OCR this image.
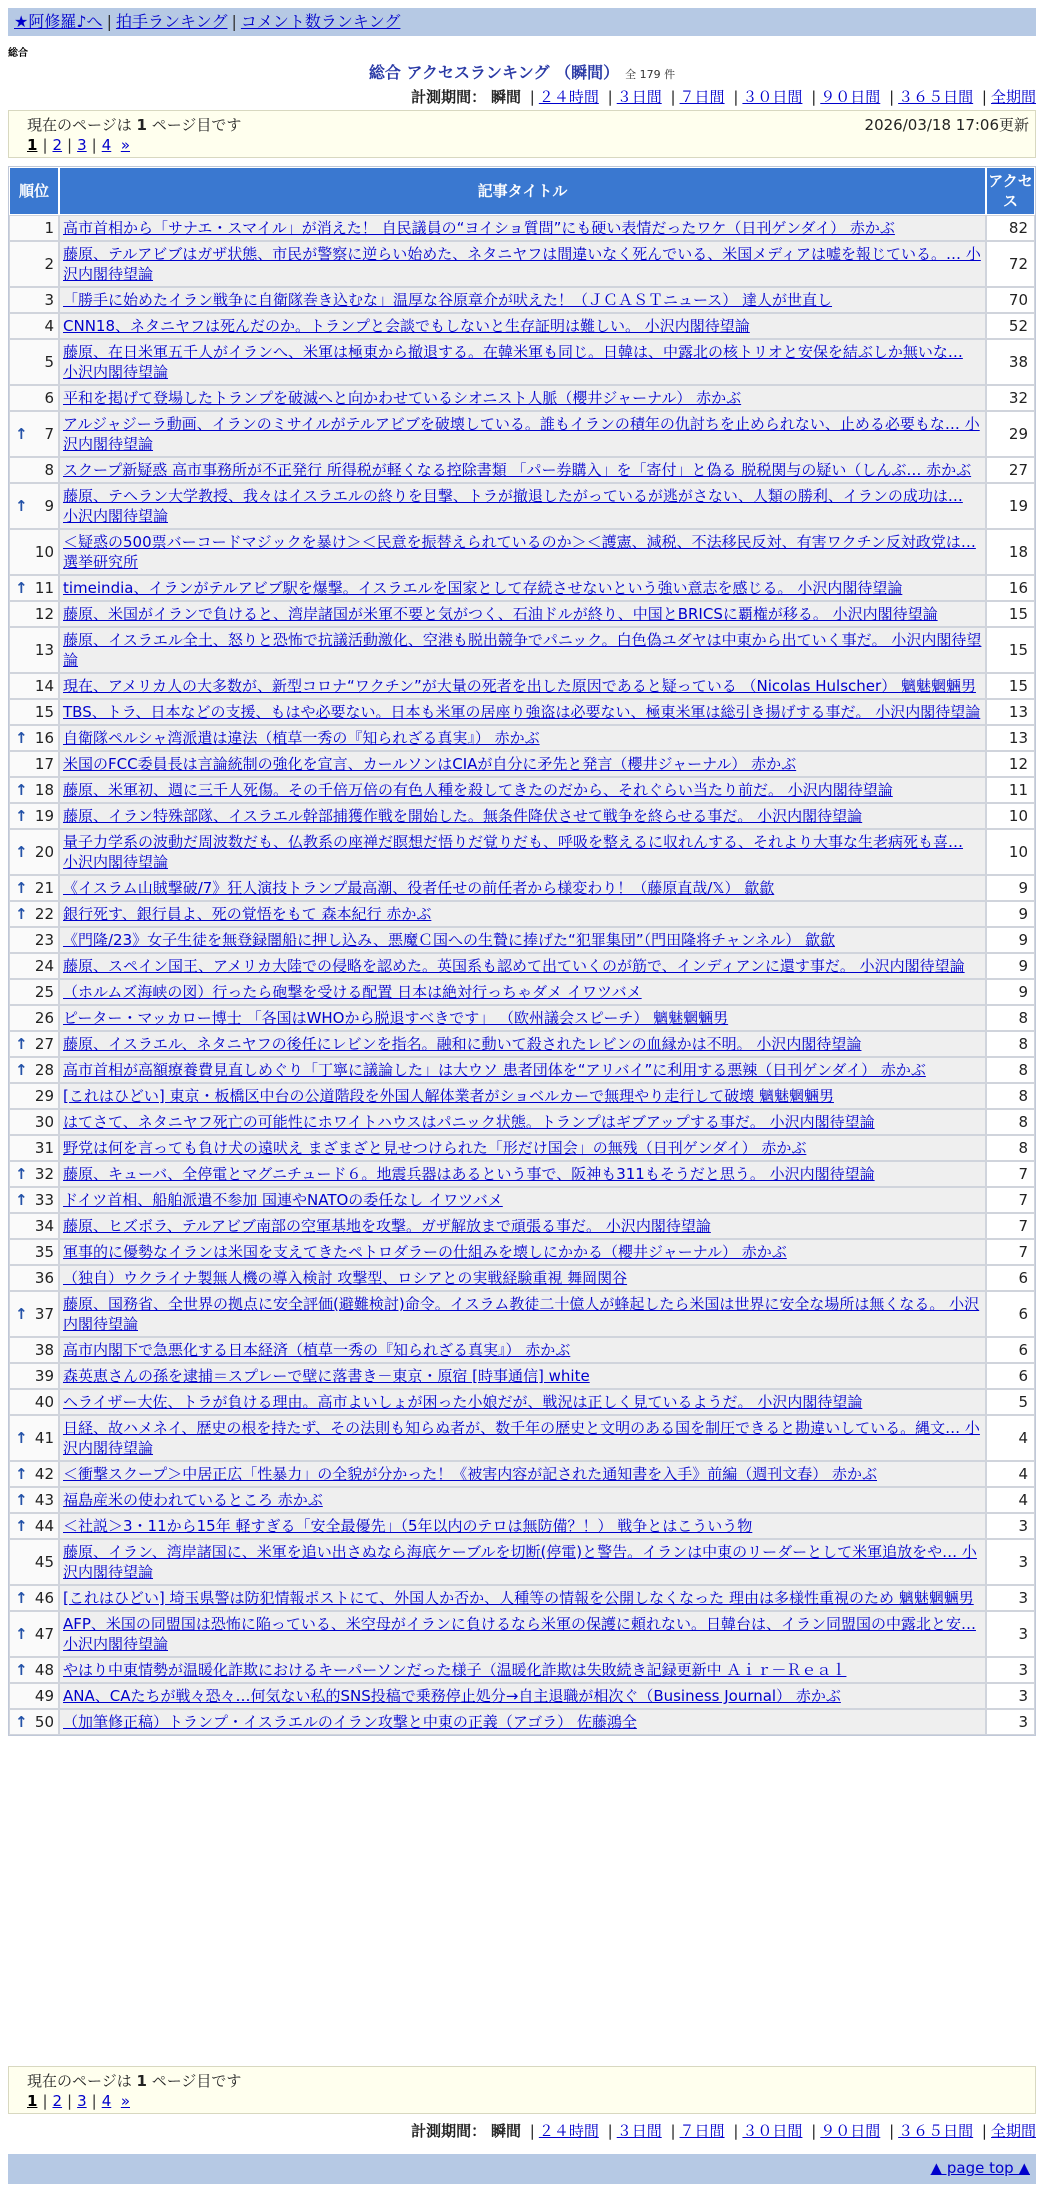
★阿修羅♪へ | 拍手ランキング | コメント数ランキング
総合
総合 アクセスランキング （瞬間） 全 179 件
計測期間： 瞬間 | ２４時間 | ３日間 | ７日間 | ３０日間 | ９０日間 | ３６５日間 | 全期間
現在のページは 1 ページ目です	2026/03/18 17:06更新
1 | 2 | 3 | 4 »
順位	記事タイトル	アクセス
1	高市首相から「サナエ・スマイル」が消えた！ 自民議員の“ヨイショ質問”にも硬い表情だったワケ（日刊ゲンダイ） 赤かぶ	82
2	藤原、テルアビブはガザ状態、市民が警察に逆らい始めた、ネタニヤフは間違いなく死んでいる、米国メディアは嘘を報じている。… 小沢内閣待望論	72
3	「勝手に始めたイラン戦争に自衛隊巻き込むな」温厚な谷原章介が吠えた！（ＪＣＡＳＴニュース） 達人が世直し	70
4	CNN18、ネタニヤフは死んだのか。トランプと会談でもしないと生存証明は難しい。 小沢内閣待望論	52
5	藤原、在日米軍五千人がイランへ、米軍は極東から撤退する。在韓米軍も同じ。日韓は、中露北の核トリオと安保を結ぶしか無いな… 小沢内閣待望論	38
6	平和を掲げて登場したトランプを破滅へと向かわせているシオニスト人脈（櫻井ジャーナル） 赤かぶ	32

↑ 7	アルジャジーラ動画、イランのミサイルがテルアビブを破壊している。誰もイランの積年の仇討ちを止められない、止める必要もな… 小沢内閣待望論	29
8	スクープ新疑惑 高市事務所が不正発行 所得税が軽くなる控除書類 「パー券購入」を「寄付」と偽る 脱税関与の疑い（しんぶ… 赤かぶ	27

↑ 9	藤原、テヘラン大学教授、我々はイスラエルの終りを目撃、トラが撤退したがっているが逃がさない、人類の勝利、イランの成功は… 小沢内閣待望論	19
10	＜疑惑の500票バーコードマジックを暴け＞＜民意を振替えられているのか＞＜護憲、減税、不法移民反対、有害ワクチン反対政党は… 選挙研究所	18

↑ 11	timeindia、イランがテルアビブ駅を爆撃。イスラエルを国家として存続させないという強い意志を感じる。 小沢内閣待望論	16
12	藤原、米国がイランで負けると、湾岸諸国が米軍不要と気がつく、石油ドルが終り、中国とBRICSに覇権が移る。 小沢内閣待望論	15
13	藤原、イスラエル全土、怒りと恐怖で抗議活動激化、空港も脱出競争でパニック。白色偽ユダヤは中東から出ていく事だ。 小沢内閣待望論	15
14	現在、アメリカ人の大多数が、新型コロナ“ワクチン”が大量の死者を出した原因であると疑っている （Nicolas Hulscher） 魑魅魍魎男	15
15	TBS、トラ、日本などの支援、もはや必要ない。日本も米軍の居座り強盗は必要ない、極東米軍は総引き揚げする事だ。 小沢内閣待望論	13

↑ 16	自衛隊ペルシャ湾派遣は違法（植草一秀の『知られざる真実』） 赤かぶ	13
17	米国のFCC委員長は言論統制の強化を宣言、カールソンはCIAが自分に矛先と発言（櫻井ジャーナル） 赤かぶ	12

↑ 18	藤原、米軍初、週に三千人死傷。その千倍万倍の有色人種を殺してきたのだから、それぐらい当たり前だ。 小沢内閣待望論	11

↑ 19	藤原、イラン特殊部隊、イスラエル幹部捕獲作戦を開始した。無条件降伏させて戦争を終らせる事だ。 小沢内閣待望論	10

↑ 20	量子力学系の波動だ周波数だも、仏教系の座禅だ瞑想だ悟りだ覚りだも、呼吸を整えるに収れんする、それより大事な生老病死も喜… 小沢内閣待望論	10

↑ 21	《イスラム山賊撃破/7》狂人演技トランプ最高潮、役者任せの前任者から様変わり！（藤原直哉/𝕏） 歙歙	9

↑ 22	銀行死す、銀行員よ、死の覚悟をもて 森本紀行 赤かぶ	9
23	《門隆/23》女子生徒を無登録闇船に押し込み、悪魔Ｃ国への生贄に捧げた“犯罪集団”（門田隆将チャンネル） 歙歙	9
24	藤原、スペイン国王、アメリカ大陸での侵略を認めた。英国系も認めて出ていくのが筋で、インディアンに還す事だ。 小沢内閣待望論	9
25	（ホルムズ海峡の図）行ったら砲撃を受ける配置 日本は絶対行っちゃダメ イワツバメ	9
26	ピーター・マッカロー博士 「各国はWHOから脱退すべきです」 （欧州議会スピーチ） 魑魅魍魎男	8

↑ 27	藤原、イスラエル、ネタニヤフの後任にレビンを指名。融和に動いて殺されたレビンの血縁かは不明。 小沢内閣待望論	8

↑ 28	高市首相が高額療養費見直しめぐり「丁寧に議論した」は大ウソ 患者団体を“アリバイ”に利用する悪辣（日刊ゲンダイ） 赤かぶ	8
29	[これはひどい] 東京・板橋区中台の公道階段を外国人解体業者がショベルカーで無理やり走行して破壊 魑魅魍魎男	8
30	はてさて、ネタニヤフ死亡の可能性にホワイトハウスはパニック状態。トランプはギブアップする事だ。 小沢内閣待望論	8
31	野党は何を言っても負け犬の遠吠え まざまざと見せつけられた「形だけ国会」の無残（日刊ゲンダイ） 赤かぶ	8

↑ 32	藤原、キューバ、全停電とマグニチュード６。地震兵器はあるという事で、阪神も311もそうだと思う。 小沢内閣待望論	7

↑ 33	ドイツ首相、船舶派遣不参加 国連やNATOの委任なし イワツバメ	7
34	藤原、ヒズボラ、テルアビブ南部の空軍基地を攻撃。ガザ解放まで頑張る事だ。 小沢内閣待望論	7
35	軍事的に優勢なイランは米国を支えてきたペトロダラーの仕組みを壊しにかかる（櫻井ジャーナル） 赤かぶ	7
36	（独自）ウクライナ製無人機の導入検討 攻撃型、ロシアとの実戦経験重視 舞岡関谷	6

↑ 37	藤原、国務省、全世界の拠点に安全評価(避難検討)命令。イスラム教徒二十億人が蜂起したら米国は世界に安全な場所は無くなる。 小沢内閣待望論	6
38	高市内閣下で急悪化する日本経済（植草一秀の『知られざる真実』） 赤かぶ	6
39	森英恵さんの孫を逮捕＝スプレーで壁に落書き－東京・原宿 [時事通信] white	6
40	ヘライザー大佐、トラが負ける理由。高市よいしょが困った小娘だが、戦況は正しく見ているようだ。 小沢内閣待望論	5

↑ 41	日経、故ハメネイ、歴史の根を持たず、その法則も知らぬ者が、数千年の歴史と文明のある国を制圧できると勘違いしている。縄文… 小沢内閣待望論	4

↑ 42	＜衝撃スクープ＞中居正広「性暴力」の全貌が分かった！《被害内容が記された通知書を入手》前編（週刊文春） 赤かぶ	4

↑ 43	福島産米の使われているところ 赤かぶ	4

↑ 44	＜社説＞3・11から15年 軽すぎる「安全最優先」（5年以内のテロは無防備？！） 戦争とはこういう物	3
45	藤原、イラン、湾岸諸国に、米軍を追い出さぬなら海底ケーブルを切断(停電)と警告。イランは中東のリーダーとして米軍追放をや… 小沢内閣待望論	3

↑ 46	[これはひどい] 埼玉県警は防犯情報ポストにて、外国人か否か、人種等の情報を公開しなくなった 理由は多様性重視のため 魑魅魍魎男	3

↑ 47	AFP、米国の同盟国は恐怖に陥っている、米空母がイランに負けるなら米軍の保護に頼れない。日韓台は、イラン同盟国の中露北と安… 小沢内閣待望論	3

↑ 48	やはり中東情勢が温暖化詐欺におけるキーパーソンだった様子（温暖化詐欺は失敗続き記録更新中 Ａｉｒ－Ｒｅａｌ	3
49	ANA、CAたちが戦々恐々…何気ない私的SNS投稿で乗務停止処分→自主退職が相次ぐ（Business Journal） 赤かぶ	3

↑ 50	（加筆修正稿）トランプ・イスラエルのイラン攻撃と中東の正義（アゴラ） 佐藤鴻全	3
現在のページは 1 ページ目です
1 | 2 | 3 | 4 »
計測期間： 瞬間 | ２４時間 | ３日間 | ７日間 | ３０日間 | ９０日間 | ３６５日間 | 全期間
▲ page top ▲
